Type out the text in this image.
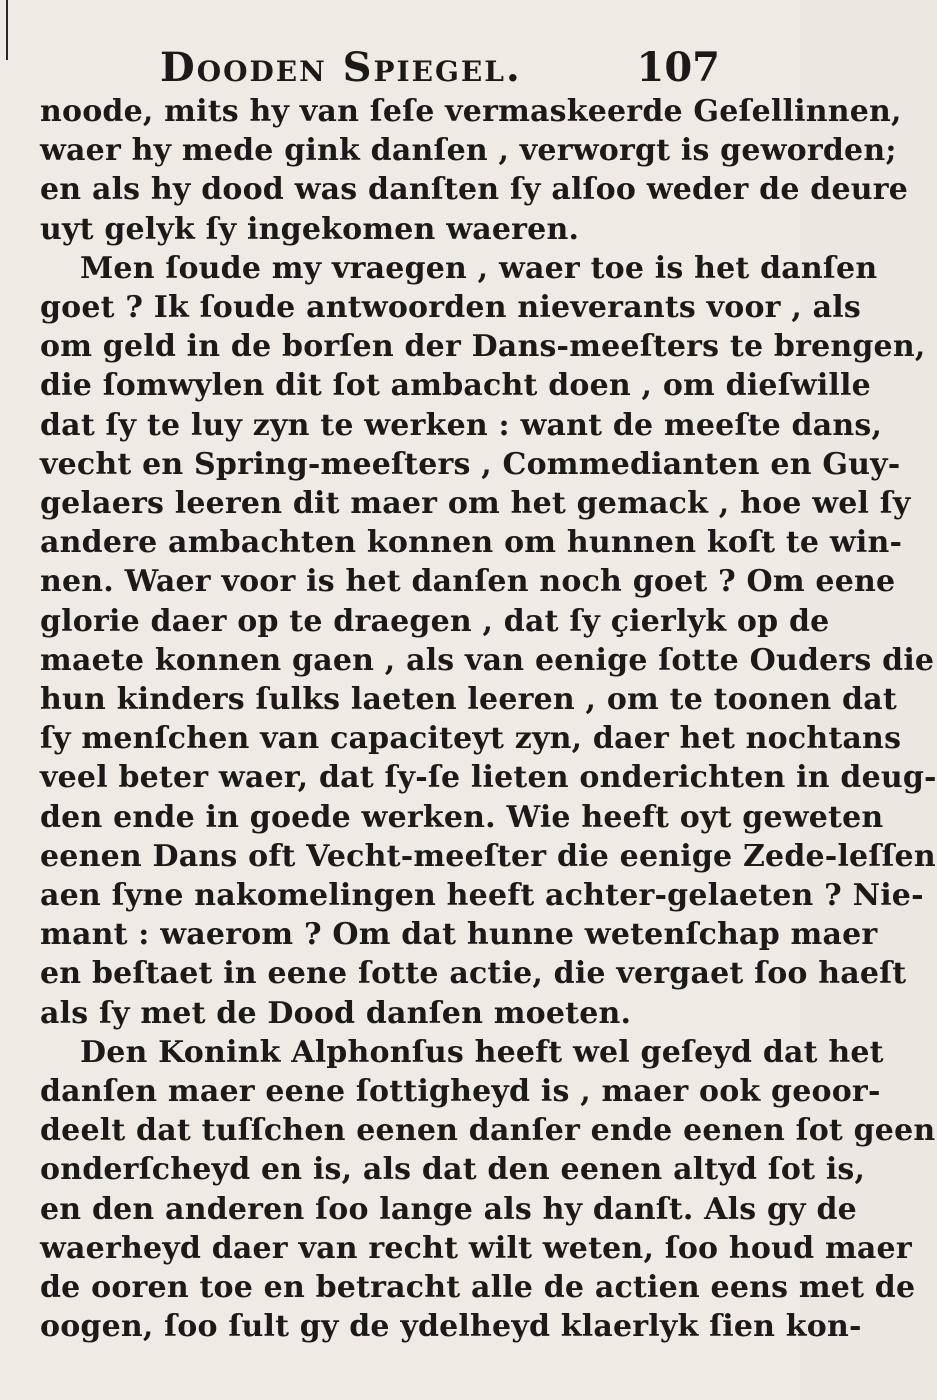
Dooden Spiegel.	107
noode, mits hy van ſeſe vermaskeerde Geſellinnen,
waer hy mede gink danſen , verworgt is geworden;
en als hy dood was danſten ſy alſoo weder de deure
uyt gelyk ſy ingekomen waeren.
Men ſoude my vraegen , waer toe is het danſen
goet ? Ik ſoude antwoorden nieverants voor , als
om geld in de borſen der Dans-meeſters te brengen,
die ſomwylen dit ſot ambacht doen , om dieſwille
dat ſy te luy zyn te werken : want de meeſte dans,
vecht en Spring-meeſters , Commedianten en Guy-
gelaers leeren dit maer om het gemack , hoe wel ſy
andere ambachten konnen om hunnen koſt te win-
nen. Waer voor is het danſen noch goet ? Om eene
glorie daer op te draegen , dat ſy çierlyk op de
maete konnen gaen , als van eenige ſotte Ouders die
hun kinders ſulks laeten leeren , om te toonen dat
ſy menſchen van capaciteyt zyn, daer het nochtans
veel beter waer, dat ſy-ſe lieten onderichten in deug-
den ende in goede werken. Wie heeft oyt geweten
eenen Dans oft Vecht-meeſter die eenige Zede-leſſen
aen ſyne nakomelingen heeft achter-gelaeten ? Nie-
mant : waerom ? Om dat hunne wetenſchap maer
en beſtaet in eene ſotte actie, die vergaet ſoo haeſt
als ſy met de Dood danſen moeten.
Den Konink Alphonſus heeft wel geſeyd dat het
danſen maer eene ſottigheyd is , maer ook geoor-
deelt dat tuſſchen eenen danſer ende eenen ſot geen
onderſcheyd en is, als dat den eenen altyd ſot is,
en den anderen ſoo lange als hy danſt. Als gy de
waerheyd daer van recht wilt weten, ſoo houd maer
de ooren toe en betracht alle de actien eens met de
oogen, ſoo ſult gy de ydelheyd klaerlyk ſien kon-
